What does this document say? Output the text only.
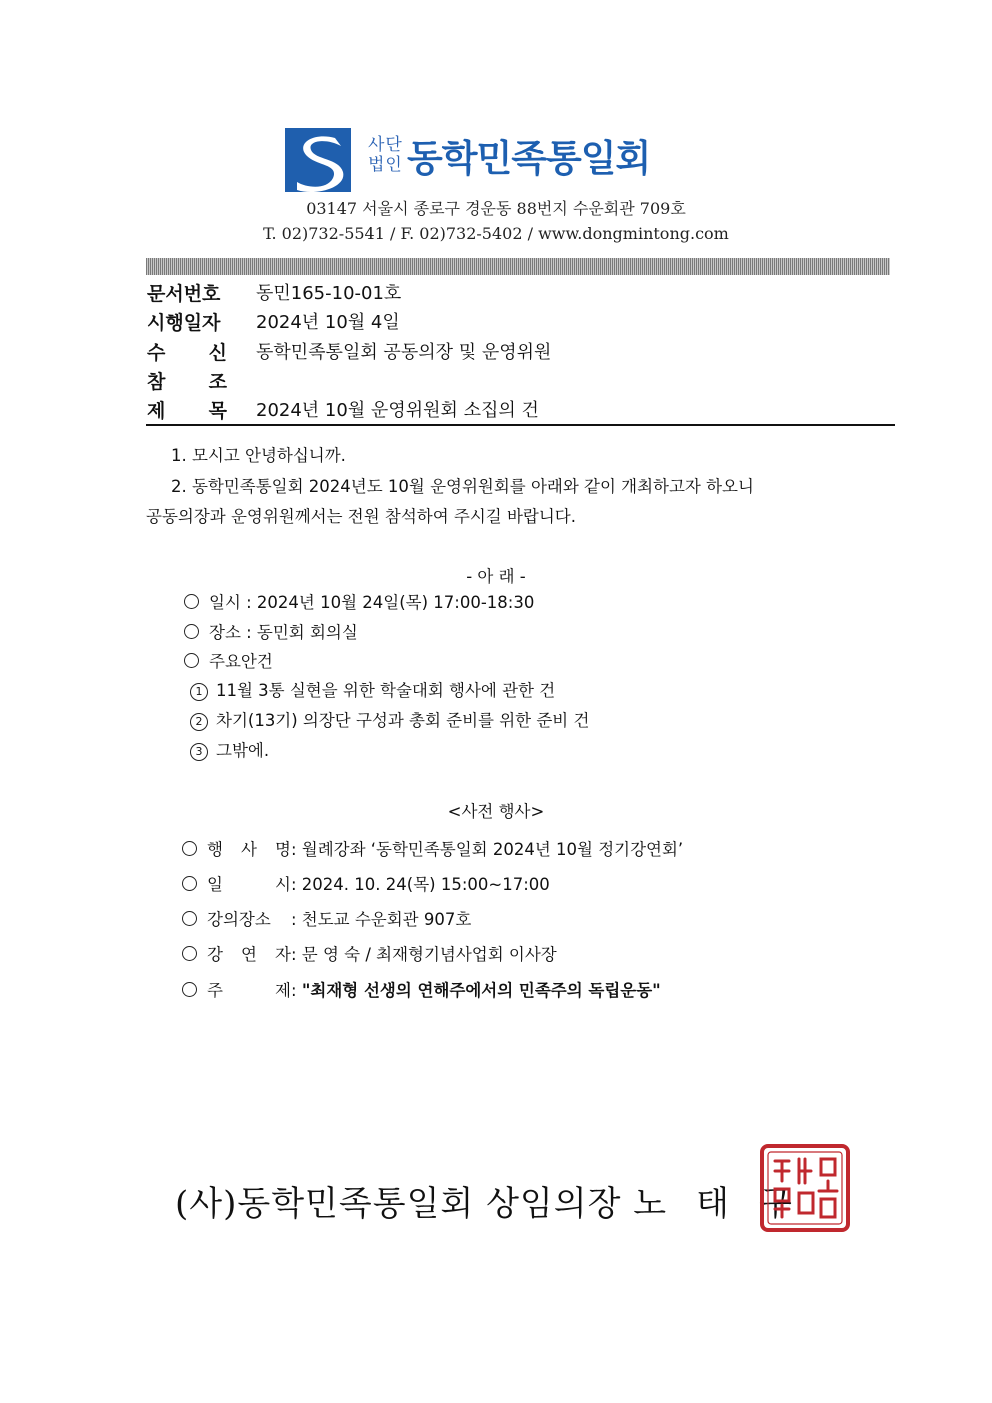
사단
법인 동학민족통일회
03147 서울시 종로구 경운동 88번지 수운회관 709호
T. 02)732-5541 / F. 02)732-5402 / www.dongmintong.com
문서번호	동민165-10-01호
시행일자	2024년 10월 4일
수 신 동학민족통일회 공동의장 및 운영위원
참 조
제 목 2024년 10월 운영위원회 소집의 건
1. 모시고 안녕하십니까.
2. 동학민족통일회 2024년도 10월 운영위원회를 아래와 같이 개최하고자 하오니
공동의장과 운영위원께서는 전원 참석하여 주시길 바랍니다.
- 아 래 -
일시 : 2024년 10월 24일(목) 17:00-18:30
장소 : 동민회 회의실
주요안건
1 11월 3통 실현을 위한 학술대회 행사에 관한 건
2 차기(13기) 의장단 구성과 총회 준비를 위한 준비 건
3 그밖에.
<사전 행사>
행 사 명 : 월례강좌 ‘동학민족통일회 2024년 10월 정기강연회’
일	시 : 2024. 10. 24(목) 15:00~17:00
강의장소 : 천도교 수운회관 907호
강 연 자 : 문 영 숙 / 최재형기념사업회 이사장
주	제 : "최재형 선생의 연해주에서의 민족주의 독립운동"
(사)동학민족통일회 상임의장 노태구
